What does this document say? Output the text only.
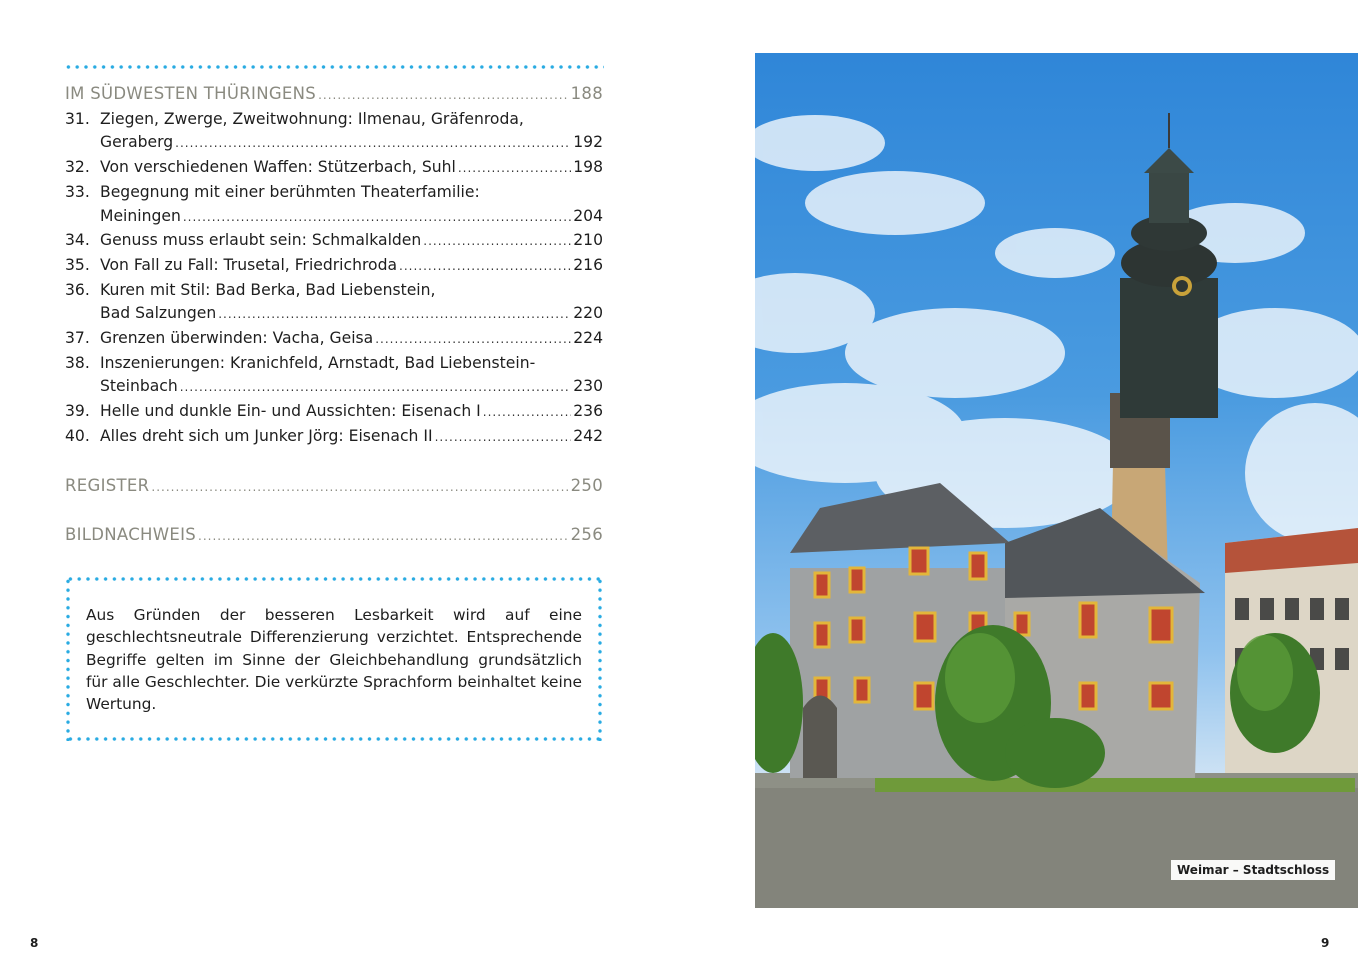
IM SÜDWESTEN THÜRINGENS .....	188
31. Ziegen, Zwerge, Zweitwohnung: Ilmenau, Gräfenroda,
Geraberg .....	192
32. Von verschiedenen Waffen: Stützerbach, Suhl .....	198
33. Begegnung mit einer berühmten Theaterfamilie:
Meiningen .....	204
34. Genuss muss erlaubt sein: Schmalkalden .....	210
35. Von Fall zu Fall: Trusetal, Friedrichroda .....	216
36. Kuren mit Stil: Bad Berka, Bad Liebenstein,
Bad Salzungen .....	220
37. Grenzen überwinden: Vacha, Geisa .....	224
38. Inszenierungen: Kranichfeld, Arnstadt, Bad Liebenstein-
Steinbach .....	230
39. Helle und dunkle Ein- und Aussichten: Eisenach I .....	236
40. Alles dreht sich um Junker Jörg: Eisenach II .....	242
REGISTER .....	250
BILDNACHWEIS .....	256
Aus Gründen der besseren Lesbarkeit wird auf eine geschlechtsneutrale Differenzierung verzichtet. Entsprechende Begriffe gelten im Sinne der Gleichbehandlung grundsätzlich für alle Geschlechter. Die verkürzte Sprachform beinhaltet keine Wertung.
8
Weimar – Stadtschloss
9
